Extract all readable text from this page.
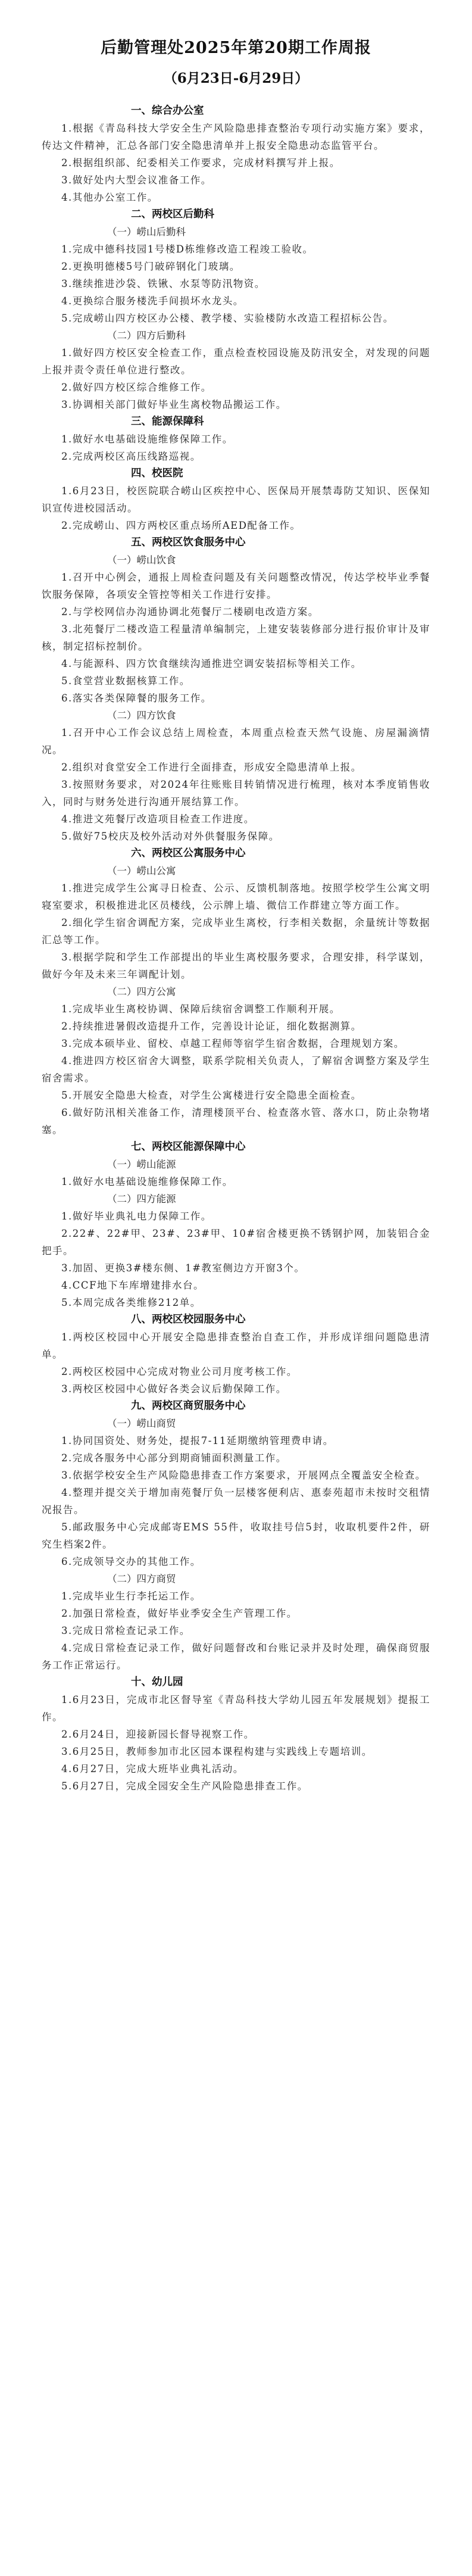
后勤管理处2025年第20期工作周报
（6月23日-6月29日）
一、综合办公室
1.根据《青岛科技大学安全生产风险隐患排查整治专项行动实施方案》要求，传达文件精神，汇总各部门安全隐患清单并上报安全隐患动态监管平台。
2.根据组织部、纪委相关工作要求，完成材料撰写并上报。
3.做好处内大型会议准备工作。
4.其他办公室工作。
二、两校区后勤科
（一）崂山后勤科
1.完成中德科技园1号楼D栋维修改造工程竣工验收。
2.更换明德楼5号门破碎钢化门玻璃。
3.继续推进沙袋、铁锹、水泵等防汛物资。
4.更换综合服务楼洗手间损坏水龙头。
5.完成崂山四方校区办公楼、教学楼、实验楼防水改造工程招标公告。
（二）四方后勤科
1.做好四方校区安全检查工作，重点检查校园设施及防汛安全，对发现的问题上报并责令责任单位进行整改。
2.做好四方校区综合维修工作。
3.协调相关部门做好毕业生离校物品搬运工作。
三、能源保障科
1.做好水电基础设施维修保障工作。
2.完成两校区高压线路巡视。
四、校医院
1.6月23日，校医院联合崂山区疾控中心、医保局开展禁毒防艾知识、医保知识宣传进校园活动。
2.完成崂山、四方两校区重点场所AED配备工作。
五、两校区饮食服务中心
（一）崂山饮食
1.召开中心例会，通报上周检查问题及有关问题整改情况，传达学校毕业季餐饮服务保障，各项安全管控等相关工作进行安排。
2.与学校网信办沟通协调北苑餐厅二楼刷电改造方案。
3.北苑餐厅二楼改造工程量清单编制完，上建安装装修部分进行报价审计及审核，制定招标控制价。
4.与能源科、四方饮食继续沟通推进空调安装招标等相关工作。
5.食堂营业数据核算工作。
6.落实各类保障餐的服务工作。
（二）四方饮食
1.召开中心工作会议总结上周检查，本周重点检查天然气设施、房屋漏滴情况。
2.组织对食堂安全工作进行全面排查，形成安全隐患清单上报。
3.按照财务要求，对2024年往账账目转销情况进行梳理，核对本季度销售收入，同时与财务处进行沟通开展结算工作。
4.推进文苑餐厅改造项目检查工作进度。
5.做好75校庆及校外活动对外供餐服务保障。
六、两校区公寓服务中心
（一）崂山公寓
1.推进完成学生公寓寻日检查、公示、反馈机制落地。按照学校学生公寓文明寝室要求，积极推进北区员楼线，公示牌上墙、微信工作群建立等方面工作。
2.细化学生宿舍调配方案，完成毕业生离校，行李相关数据，余量统计等数据汇总等工作。
3.根据学院和学生工作部提出的毕业生离校服务要求，合理安排，科学谋划，做好今年及未来三年调配计划。
（二）四方公寓
1.完成毕业生离校协调、保障后续宿舍调整工作顺利开展。
2.持续推进暑假改造提升工作，完善设计论证，细化数据测算。
3.完成本硕毕业、留校、卓越工程师等宿学生宿舍数据，合理规划方案。
4.推进四方校区宿舍大调整，联系学院相关负责人，了解宿舍调整方案及学生宿舍需求。
5.开展安全隐患大检查，对学生公寓楼进行安全隐患全面检查。
6.做好防汛相关准备工作，清理楼顶平台、检查落水管、落水口，防止杂物堵塞。
七、两校区能源保障中心
（一）崂山能源
1.做好水电基础设施维修保障工作。
（二）四方能源
1.做好毕业典礼电力保障工作。
2.22#、22#甲、23#、23#甲、10#宿舍楼更换不锈钢护网，加装铝合金把手。
3.加固、更换3#楼东侧、1#教室侧边方开窗3个。
4.CCF地下车库增建排水台。
5.本周完成各类维修212单。
八、两校区校园服务中心
1.两校区校园中心开展安全隐患排查整治自查工作，并形成详细问题隐患清单。
2.两校区校园中心完成对物业公司月度考核工作。
3.两校区校园中心做好各类会议后勤保障工作。
九、两校区商贸服务中心
（一）崂山商贸
1.协同国资处、财务处，提报7-11延期缴纳管理费申请。
2.完成各服务中心部分到期商铺面积测量工作。
3.依据学校安全生产风险隐患排查工作方案要求，开展网点全覆盖安全检查。
4.整理并提交关于增加南苑餐厅负一层楼客便利店、惠泰苑超市未按时交租情况报告。
5.邮政服务中心完成邮寄EMS 55件，收取挂号信5封，收取机要件2件，研究生档案2件。
6.完成领导交办的其他工作。
（二）四方商贸
1.完成毕业生行李托运工作。
2.加强日常检查，做好毕业季安全生产管理工作。
3.完成日常检查记录工作。
4.完成日常检查记录工作，做好问题督改和台账记录并及时处理，确保商贸服务工作正常运行。
十、幼儿园
1.6月23日，完成市北区督导室《青岛科技大学幼儿园五年发展规划》提报工作。
2.6月24日，迎接新园长督导视察工作。
3.6月25日，教师参加市北区园本课程构建与实践线上专题培训。
4.6月27日，完成大班毕业典礼活动。
5.6月27日，完成全园安全生产风险隐患排查工作。
